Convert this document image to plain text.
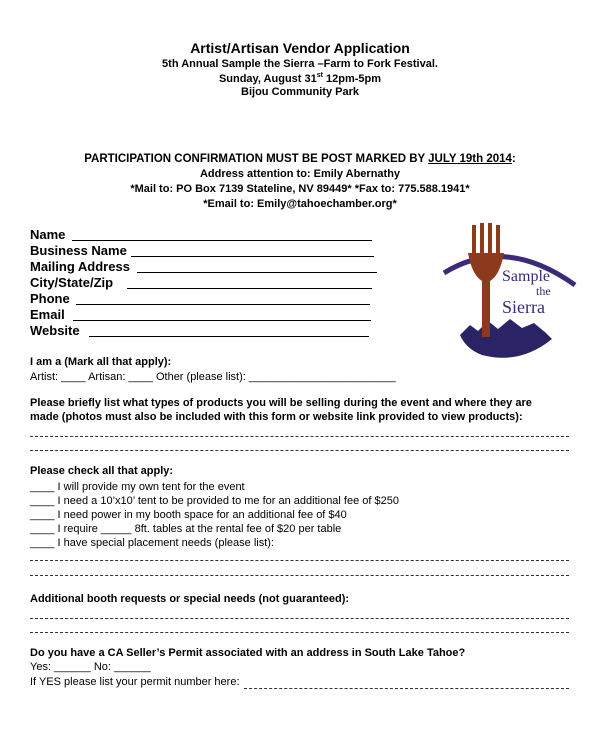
Artist/Artisan Vendor Application
5th Annual Sample the Sierra –Farm to Fork Festival.
Sunday, August 31st 12pm-5pm
Bijou Community Park
PARTICIPATION CONFIRMATION MUST BE POST MARKED BY JULY 19th 2014:
Address attention to: Emily Abernathy
*Mail to: PO Box 7139 Stateline, NV 89449* *Fax to: 775.588.1941*
*Email to: Emily@tahoechamber.org*
Name
Business Name
Mailing Address
City/State/Zip
Phone
Email
Website
Sample
the
Sierra
I am a (Mark all that apply):
Artist: ____ Artisan: ____ Other (please list): ________________________
Please briefly list what types of products you will be selling during the event and where they are
made (photos must also be included with this form or website link provided to view products):
Please check all that apply:
____ I will provide my own tent for the event
____ I need a 10’x10’ tent to be provided to me for an additional fee of $250
____ I need power in my booth space for an additional fee of $40
____ I require _____ 8ft. tables at the rental fee of $20 per table
____ I have special placement needs (please list):
Additional booth requests or special needs (not guaranteed):
Do you have a CA Seller’s Permit associated with an address in South Lake Tahoe?
Yes: ______ No: ______
If YES please list your permit number here:
